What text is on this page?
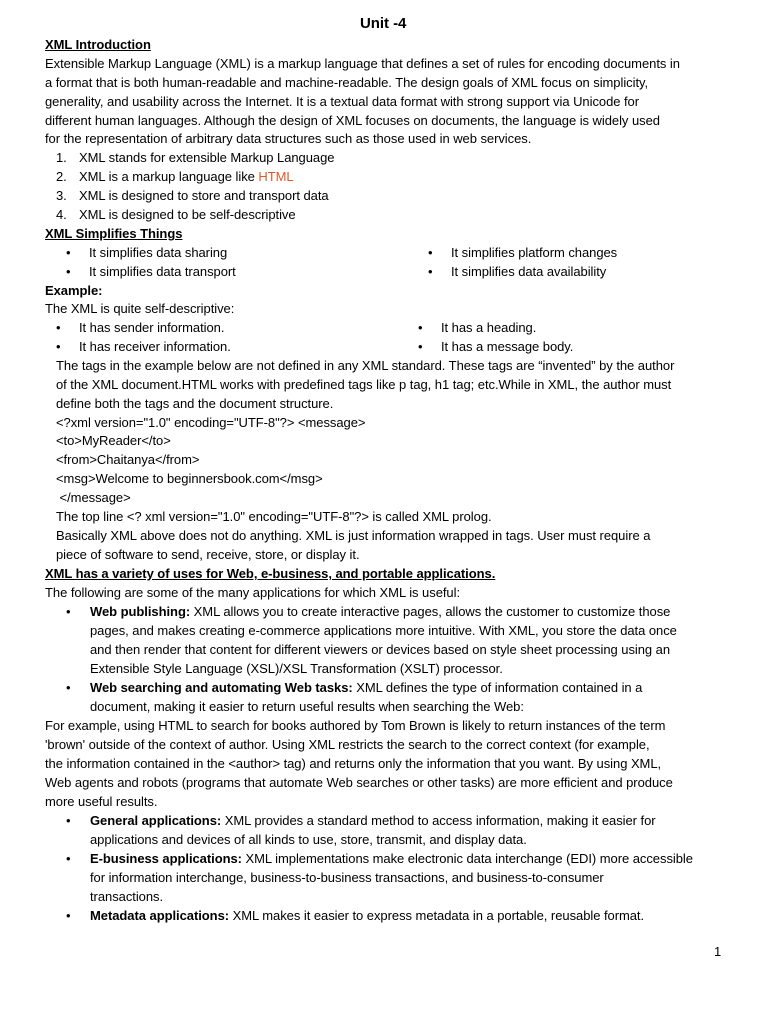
Unit -4
XML Introduction
Extensible Markup Language (XML) is a markup language that defines a set of rules for encoding documents in
a format that is both human-readable and machine-readable. The design goals of XML focus on simplicity,
generality, and usability across the Internet. It is a textual data format with strong support via Unicode for
different human languages. Although the design of XML focuses on documents, the language is widely used
for the representation of arbitrary data structures such as those used in web services.
1. XML stands for extensible Markup Language
2. XML is a markup language like HTML
3. XML is designed to store and transport data
4. XML is designed to be self-descriptive
XML Simplifies Things
• It simplifies data sharing	• It simplifies platform changes
• It simplifies data transport	• It simplifies data availability
Example:
The XML is quite self-descriptive:
• It has sender information.	• It has a heading.
• It has receiver information.	• It has a message body.
The tags in the example below are not defined in any XML standard. These tags are “invented” by the author
of the XML document.HTML works with predefined tags like p tag, h1 tag; etc.While in XML, the author must
define both the tags and the document structure.
<?xml version="1.0" encoding="UTF-8"?> <message>
<to>MyReader</to>
<from>Chaitanya</from>
<msg>Welcome to beginnersbook.com</msg>
</message>
The top line <? xml version="1.0" encoding="UTF-8"?> is called XML prolog.
Basically XML above does not do anything. XML is just information wrapped in tags. User must require a
piece of software to send, receive, store, or display it.
XML has a variety of uses for Web, e-business, and portable applications.
The following are some of the many applications for which XML is useful:
• Web publishing: XML allows you to create interactive pages, allows the customer to customize those
pages, and makes creating e-commerce applications more intuitive. With XML, you store the data once
and then render that content for different viewers or devices based on style sheet processing using an
Extensible Style Language (XSL)/XSL Transformation (XSLT) processor.
• Web searching and automating Web tasks: XML defines the type of information contained in a
document, making it easier to return useful results when searching the Web:
For example, using HTML to search for books authored by Tom Brown is likely to return instances of the term
'brown' outside of the context of author. Using XML restricts the search to the correct context (for example,
the information contained in the <author> tag) and returns only the information that you want. By using XML,
Web agents and robots (programs that automate Web searches or other tasks) are more efficient and produce
more useful results.
• General applications: XML provides a standard method to access information, making it easier for
applications and devices of all kinds to use, store, transmit, and display data.
• E-business applications: XML implementations make electronic data interchange (EDI) more accessible
for information interchange, business-to-business transactions, and business-to-consumer
transactions.
• Metadata applications: XML makes it easier to express metadata in a portable, reusable format.
1
